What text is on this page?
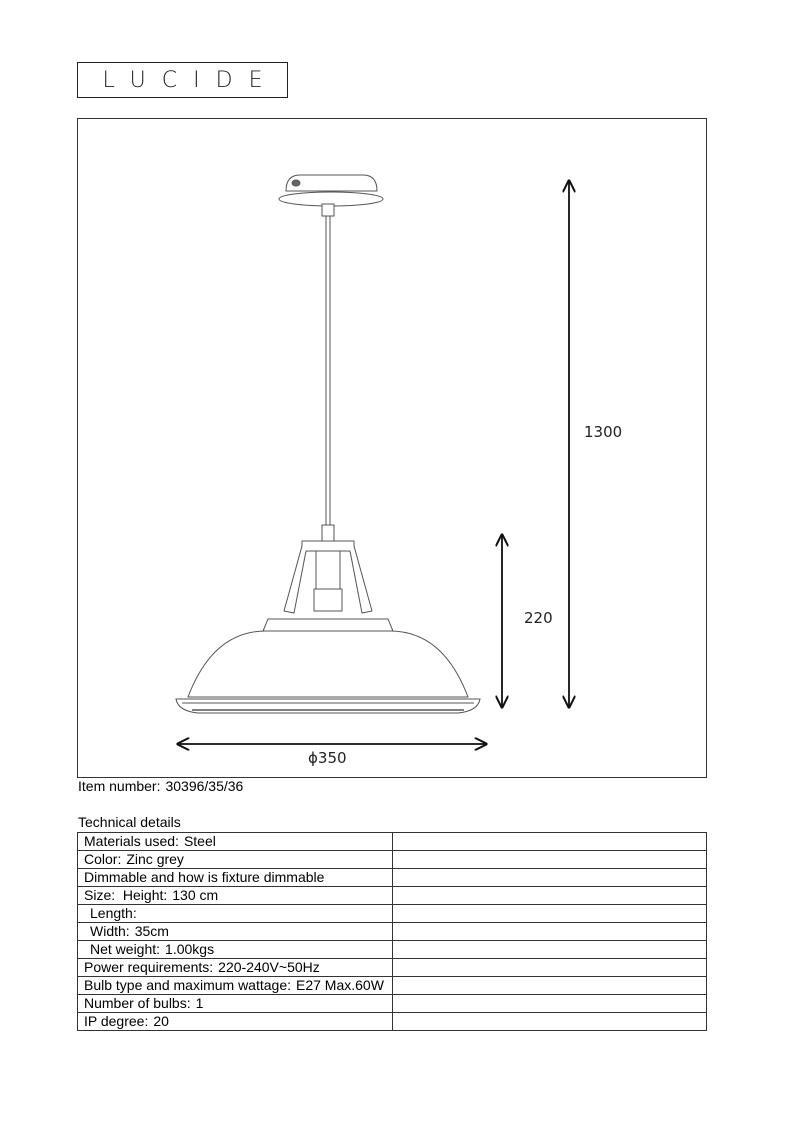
LUCIDE
1300
220
ϕ350
Item number: 30396/35/36
Technical details
Materials used: Steel	
Color: Zinc grey	
Dimmable and how is fixture dimmable	
Size:  Height: 130 cm	
Length:	
Width: 35cm	
Net weight: 1.00kgs	
Power requirements: 220-240V~50Hz	
Bulb type and maximum wattage: E27 Max.60W	
Number of bulbs: 1	
IP degree: 20	
